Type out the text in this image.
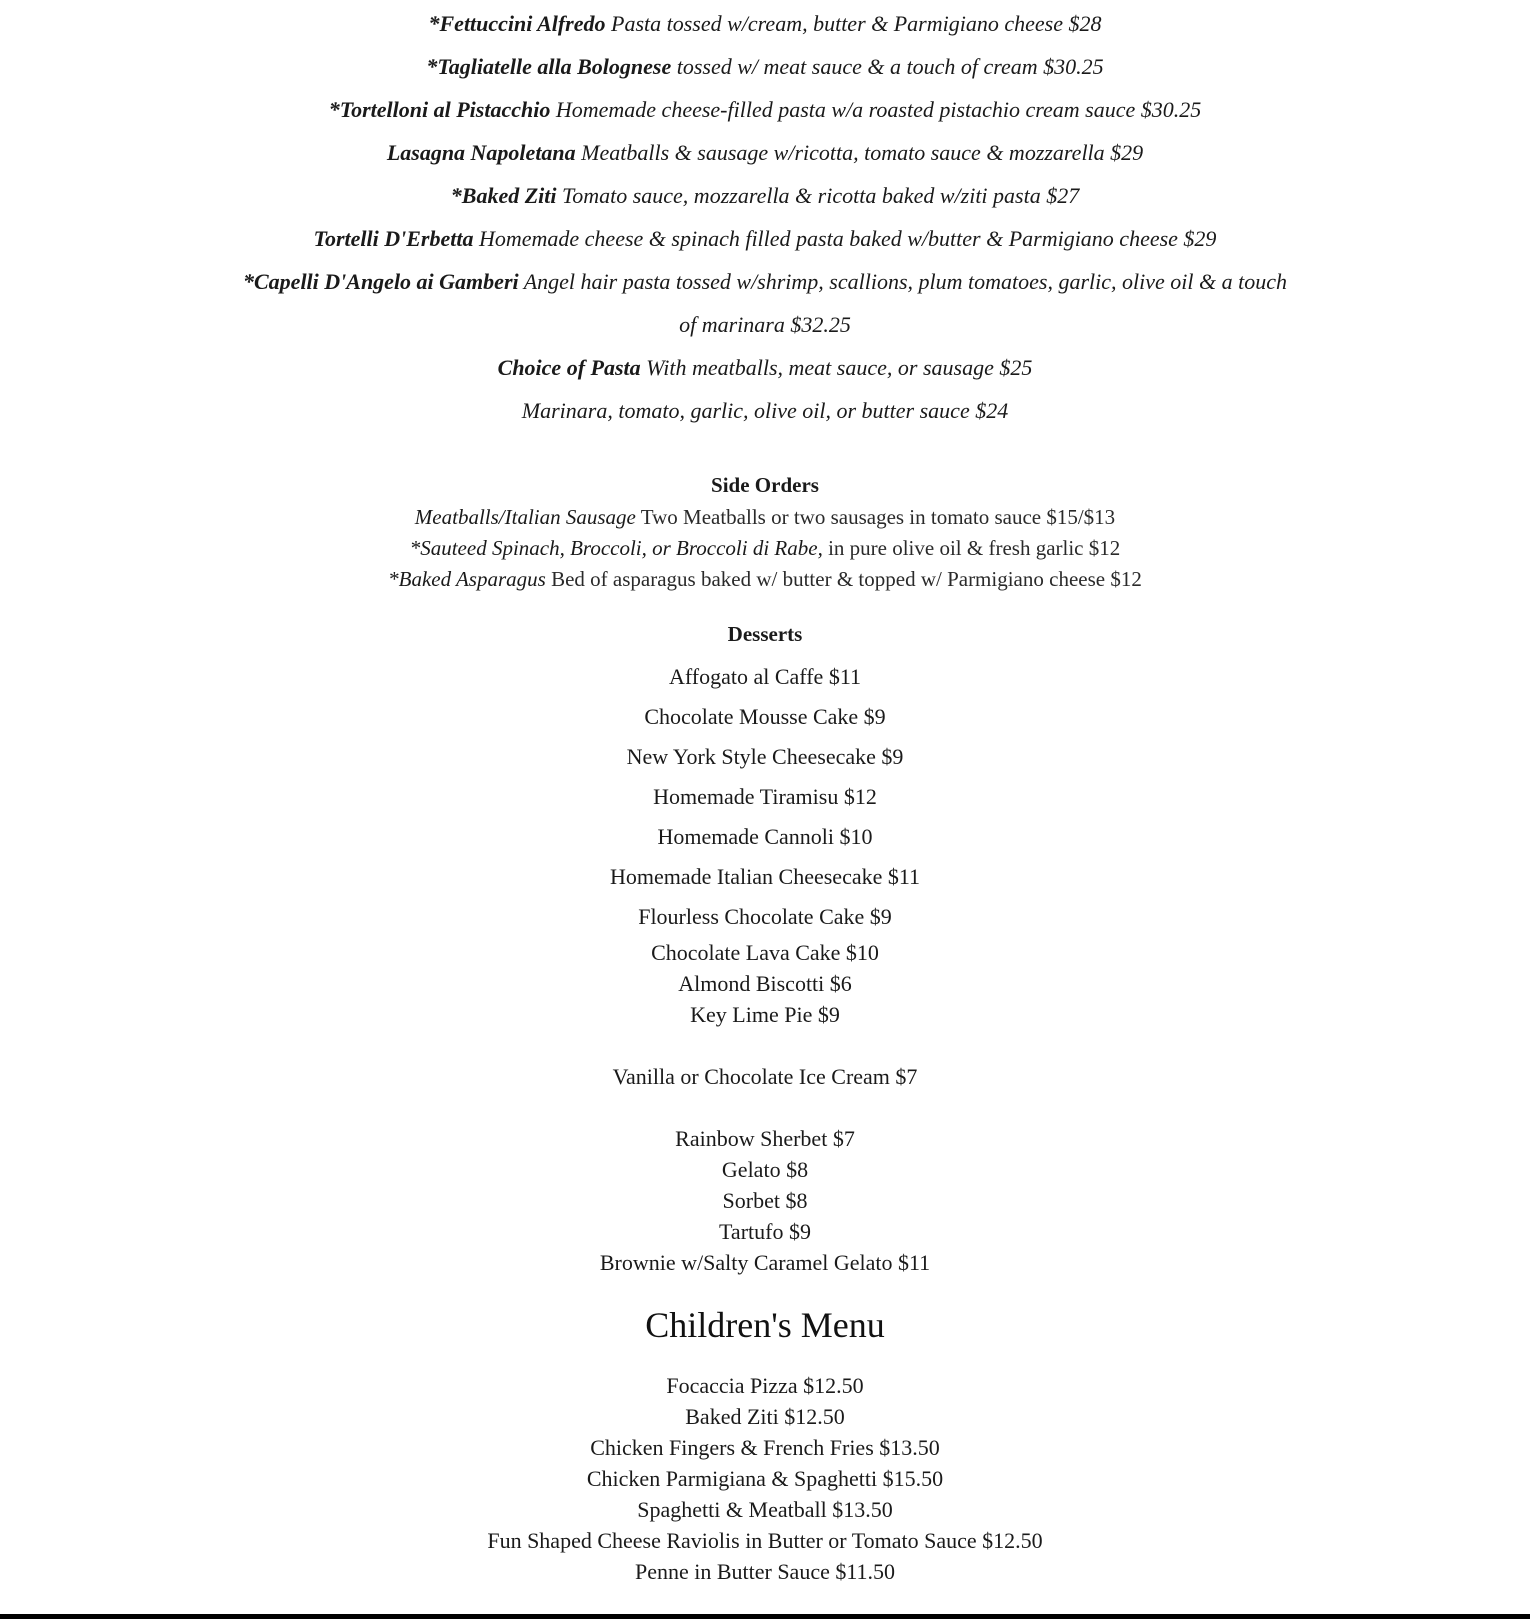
*Fettuccini Alfredo Pasta tossed w/cream, butter & Parmigiano cheese $28

*Tagliatelle alla Bolognese tossed w/ meat sauce & a touch of cream $30.25

*Tortelloni al Pistacchio Homemade cheese-filled pasta w/a roasted pistachio cream sauce $30.25

Lasagna Napoletana Meatballs & sausage w/ricotta, tomato sauce & mozzarella $29

*Baked Ziti Tomato sauce, mozzarella & ricotta baked w/ziti pasta $27

Tortelli D'Erbetta Homemade cheese & spinach filled pasta baked w/butter & Parmigiano cheese $29

*Capelli D'Angelo ai Gamberi Angel hair pasta tossed w/shrimp, scallions, plum tomatoes, garlic, olive oil & a touch

of marinara $32.25

Choice of Pasta With meatballs, meat sauce, or sausage $25

Marinara, tomato, garlic, olive oil, or butter sauce $24

Side Orders

Meatballs/Italian Sausage Two Meatballs or two sausages in tomato sauce $15/$13

*Sauteed Spinach, Broccoli, or Broccoli di Rabe, in pure olive oil & fresh garlic $12

*Baked Asparagus Bed of asparagus baked w/ butter & topped w/ Parmigiano cheese $12

Desserts

Affogato al Caffe $11

Chocolate Mousse Cake $9

New York Style Cheesecake $9

Homemade Tiramisu $12

Homemade Cannoli $10

Homemade Italian Cheesecake $11

Flourless Chocolate Cake $9

Chocolate Lava Cake $10

Almond Biscotti $6

Key Lime Pie $9

Vanilla or Chocolate Ice Cream $7

Rainbow Sherbet $7

Gelato $8

Sorbet $8

Tartufo $9

Brownie w/Salty Caramel Gelato $11

Children's Menu

Focaccia Pizza $12.50

Baked Ziti $12.50

Chicken Fingers & French Fries $13.50

Chicken Parmigiana & Spaghetti $15.50

Spaghetti & Meatball $13.50

Fun Shaped Cheese Raviolis in Butter or Tomato Sauce $12.50

Penne in Butter Sauce $11.50
